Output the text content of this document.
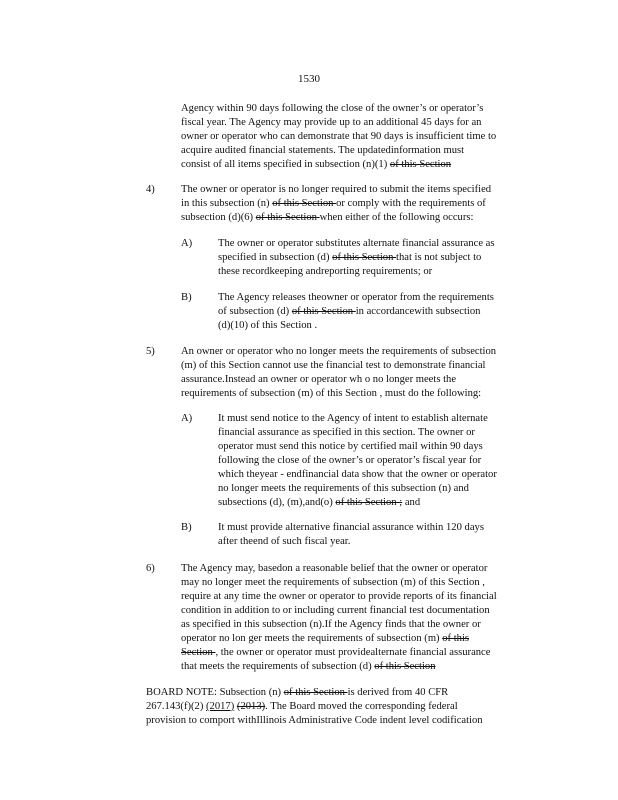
1530
Agency within 90 days following the close of the owner’s or operator’s
fiscal year. The Agency may provide up to an additional 45 days for an
owner or operator who can demonstrate that 90 days is insufficient time to
acquire audited financial statements. The updatedinformation must
consist of all items specified in subsection (n)(1) of this Section
4) The owner or operator is no longer required to submit the items specified
in this subsection (n) of this Section or comply with the requirements of
subsection (d)(6) of this Section when either of the following occurs:
A) The owner or operator substitutes alternate financial assurance as
specified in subsection (d) of this Section that is not subject to
these recordkeeping andreporting requirements; or
B) The Agency releases theowner or operator from the requirements
of subsection (d) of this Section in accordancewith subsection
(d)(10) of this Section .
5) An owner or operator who no longer meets the requirements of subsection
(m) of this Section cannot use the financial test to demonstrate financial
assurance.Instead an owner or operator wh o no longer meets the
requirements of subsection (m) of this Section , must do the following:
A) It must send notice to the Agency of intent to establish alternate
financial assurance as specified in this section. The owner or
operator must send this notice by certified mail within 90 days
following the close of the owner’s or operator’s fiscal year for
which theyear - endfinancial data show that the owner or operator
no longer meets the requirements of this subsection (n) and
subsections (d), (m),and(o) of this Section ; and
B) It must provide alternative financial assurance within 120 days
after theend of such fiscal year.
6) The Agency may, basedon a reasonable belief that the owner or operator
may no longer meet the requirements of subsection (m) of this Section ,
require at any time the owner or operator to provide reports of its financial
condition in addition to or including current financial test documentation
as specified in this subsection (n).If the Agency finds that the owner or
operator no lon ger meets the requirements of subsection (m) of this
Section , the owner or operator must providealternate financial assurance
that meets the requirements of subsection (d) of this Section
BOARD NOTE: Subsection (n) of this Section is derived from 40 CFR
267.143(f)(2) (2017) (2013). The Board moved the corresponding federal
provision to comport withIllinois Administrative Code indent level codification
